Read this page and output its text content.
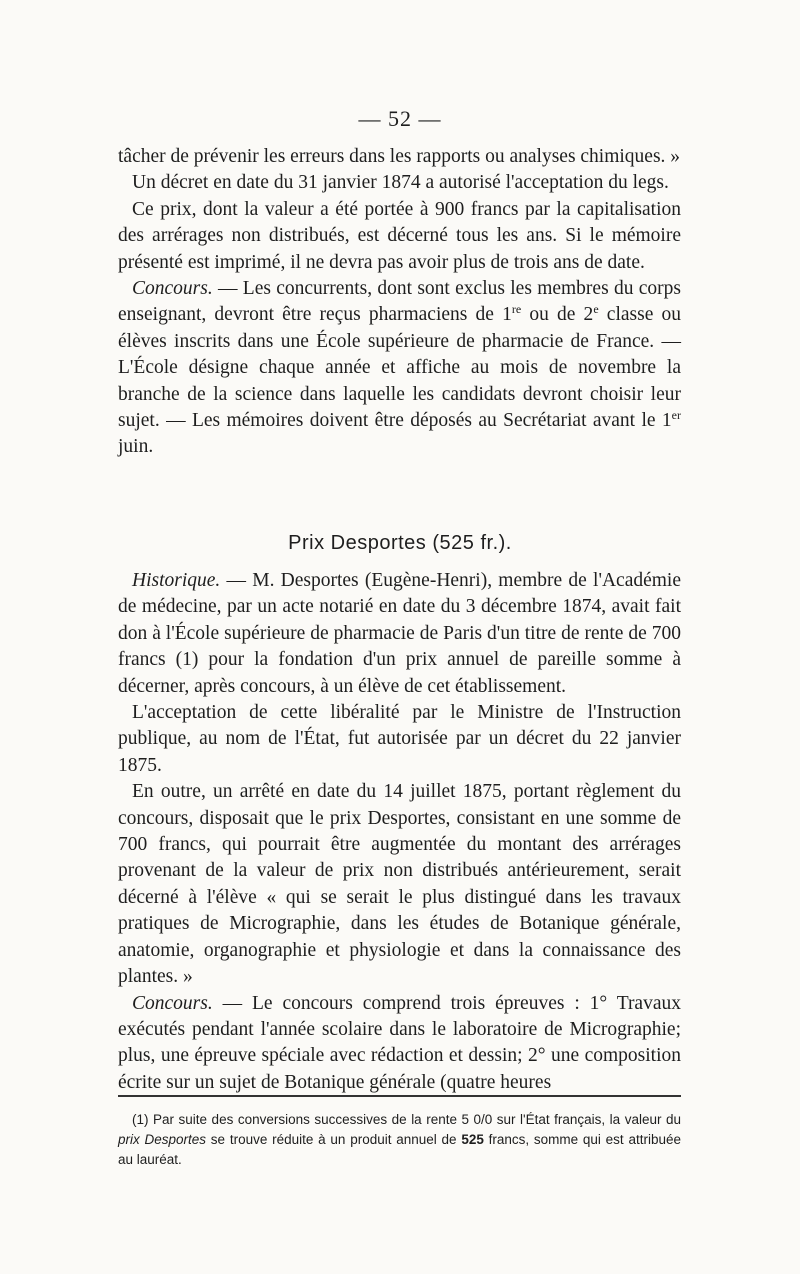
— 52 —

tâcher de prévenir les erreurs dans les rapports ou analyses chimiques. »

Un décret en date du 31 janvier 1874 a autorisé l'acceptation du legs.

Ce prix, dont la valeur a été portée à 900 francs par la capitalisation des arrérages non distribués, est décerné tous les ans. Si le mémoire présenté est imprimé, il ne devra pas avoir plus de trois ans de date.

Concours. — Les concurrents, dont sont exclus les membres du corps enseignant, devront être reçus pharmaciens de 1re ou de 2e classe ou élèves inscrits dans une École supérieure de pharmacie de France. — L'École désigne chaque année et affiche au mois de novembre la branche de la science dans laquelle les candidats devront choisir leur sujet. — Les mémoires doivent être déposés au Secrétariat avant le 1er juin.

Prix Desportes (525 fr.).

Historique. — M. Desportes (Eugène-Henri), membre de l'Académie de médecine, par un acte notarié en date du 3 décembre 1874, avait fait don à l'École supérieure de pharmacie de Paris d'un titre de rente de 700 francs (1) pour la fondation d'un prix annuel de pareille somme à décerner, après concours, à un élève de cet établissement.

L'acceptation de cette libéralité par le Ministre de l'Instruction publique, au nom de l'État, fut autorisée par un décret du 22 janvier 1875.

En outre, un arrêté en date du 14 juillet 1875, portant règlement du concours, disposait que le prix Desportes, consistant en une somme de 700 francs, qui pourrait être augmentée du montant des arrérages provenant de la valeur de prix non distribués antérieurement, serait décerné à l'élève « qui se serait le plus distingué dans les travaux pratiques de Micrographie, dans les études de Botanique générale, anatomie, organographie et physiologie et dans la connaissance des plantes. »

Concours. — Le concours comprend trois épreuves : 1° Travaux exécutés pendant l'année scolaire dans le laboratoire de Micrographie; plus, une épreuve spéciale avec rédaction et dessin; 2° une composition écrite sur un sujet de Botanique générale (quatre heures

(1) Par suite des conversions successives de la rente 5 0/0 sur l'État français, la valeur du prix Desportes se trouve réduite à un produit annuel de 525 francs, somme qui est attribuée au lauréat.
